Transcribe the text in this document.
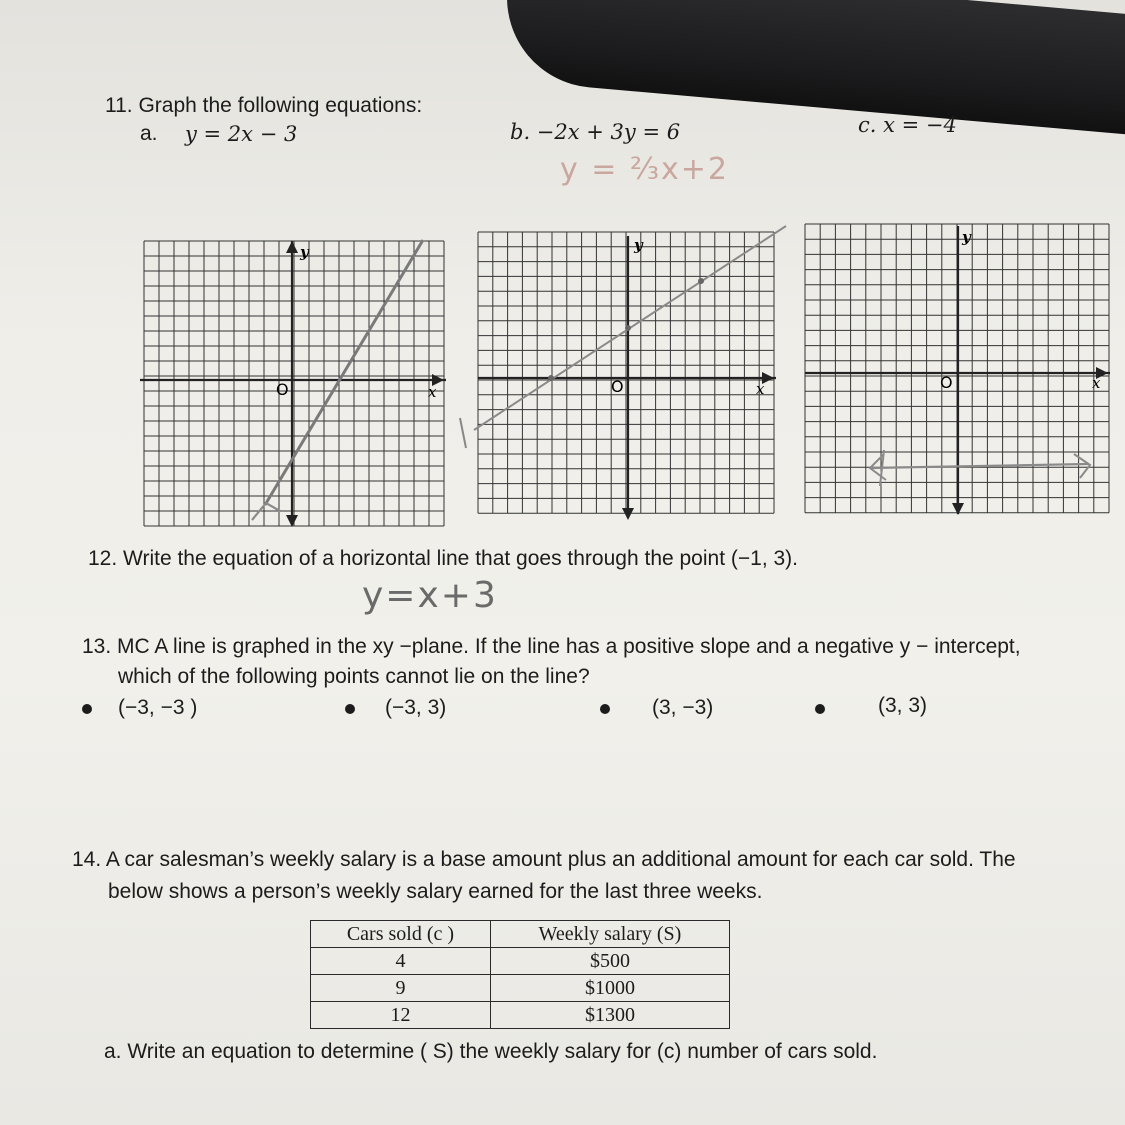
11. Graph the following equations:
a. y = 2x − 3	b. −2x + 3y = 6	c. x = −4
y = ⅔x+2
O
y
x	O
y
x	O
y
x
12. Write the equation of a horizontal line that goes through the point (−1, 3).
y=x+3
13. MC A line is graphed in the xy −plane. If the line has a positive slope and a negative y − intercept,
which of the following points cannot lie on the line?
(−3, −3 )	(−3, 3)	(3, −3)	(3, 3)
14. A car salesman’s weekly salary is a base amount plus an additional amount for each car sold. The
below shows a person’s weekly salary earned for the last three weeks.
Cars sold (c )	Weekly salary (S)
4	$500
9	$1000
12	$1300
a. Write an equation to determine ( S) the weekly salary for (c) number of cars sold.
